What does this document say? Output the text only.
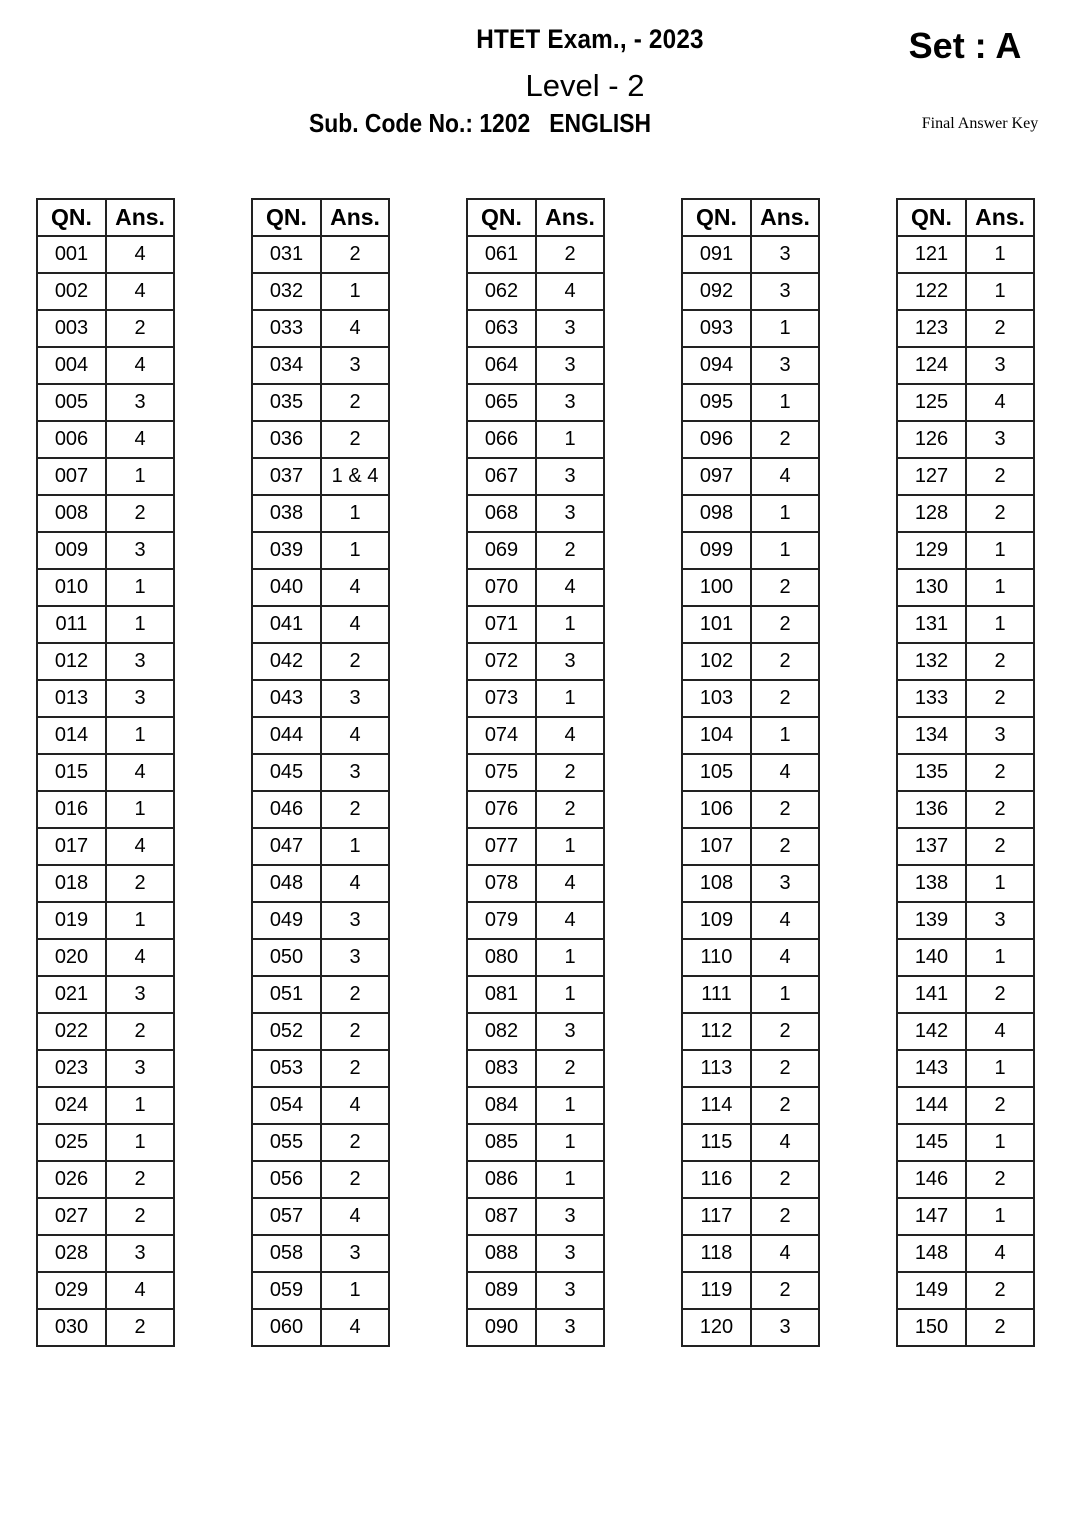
HTET Exam., - 2023
Level - 2
Sub. Code No.: 1202   ENGLISH
Set : A
Final Answer Key
QN.	Ans.
001	4
002	4
003	2
004	4
005	3
006	4
007	1
008	2
009	3
010	1
011	1
012	3
013	3
014	1
015	4
016	1
017	4
018	2
019	1
020	4
021	3
022	2
023	3
024	1
025	1
026	2
027	2
028	3
029	4
030	2
QN.	Ans.
031	2
032	1
033	4
034	3
035	2
036	2
037	1 & 4
038	1
039	1
040	4
041	4
042	2
043	3
044	4
045	3
046	2
047	1
048	4
049	3
050	3
051	2
052	2
053	2
054	4
055	2
056	2
057	4
058	3
059	1
060	4
QN.	Ans.
061	2
062	4
063	3
064	3
065	3
066	1
067	3
068	3
069	2
070	4
071	1
072	3
073	1
074	4
075	2
076	2
077	1
078	4
079	4
080	1
081	1
082	3
083	2
084	1
085	1
086	1
087	3
088	3
089	3
090	3
QN.	Ans.
091	3
092	3
093	1
094	3
095	1
096	2
097	4
098	1
099	1
100	2
101	2
102	2
103	2
104	1
105	4
106	2
107	2
108	3
109	4
110	4
111	1
112	2
113	2
114	2
115	4
116	2
117	2
118	4
119	2
120	3
QN.	Ans.
121	1
122	1
123	2
124	3
125	4
126	3
127	2
128	2
129	1
130	1
131	1
132	2
133	2
134	3
135	2
136	2
137	2
138	1
139	3
140	1
141	2
142	4
143	1
144	2
145	1
146	2
147	1
148	4
149	2
150	2
